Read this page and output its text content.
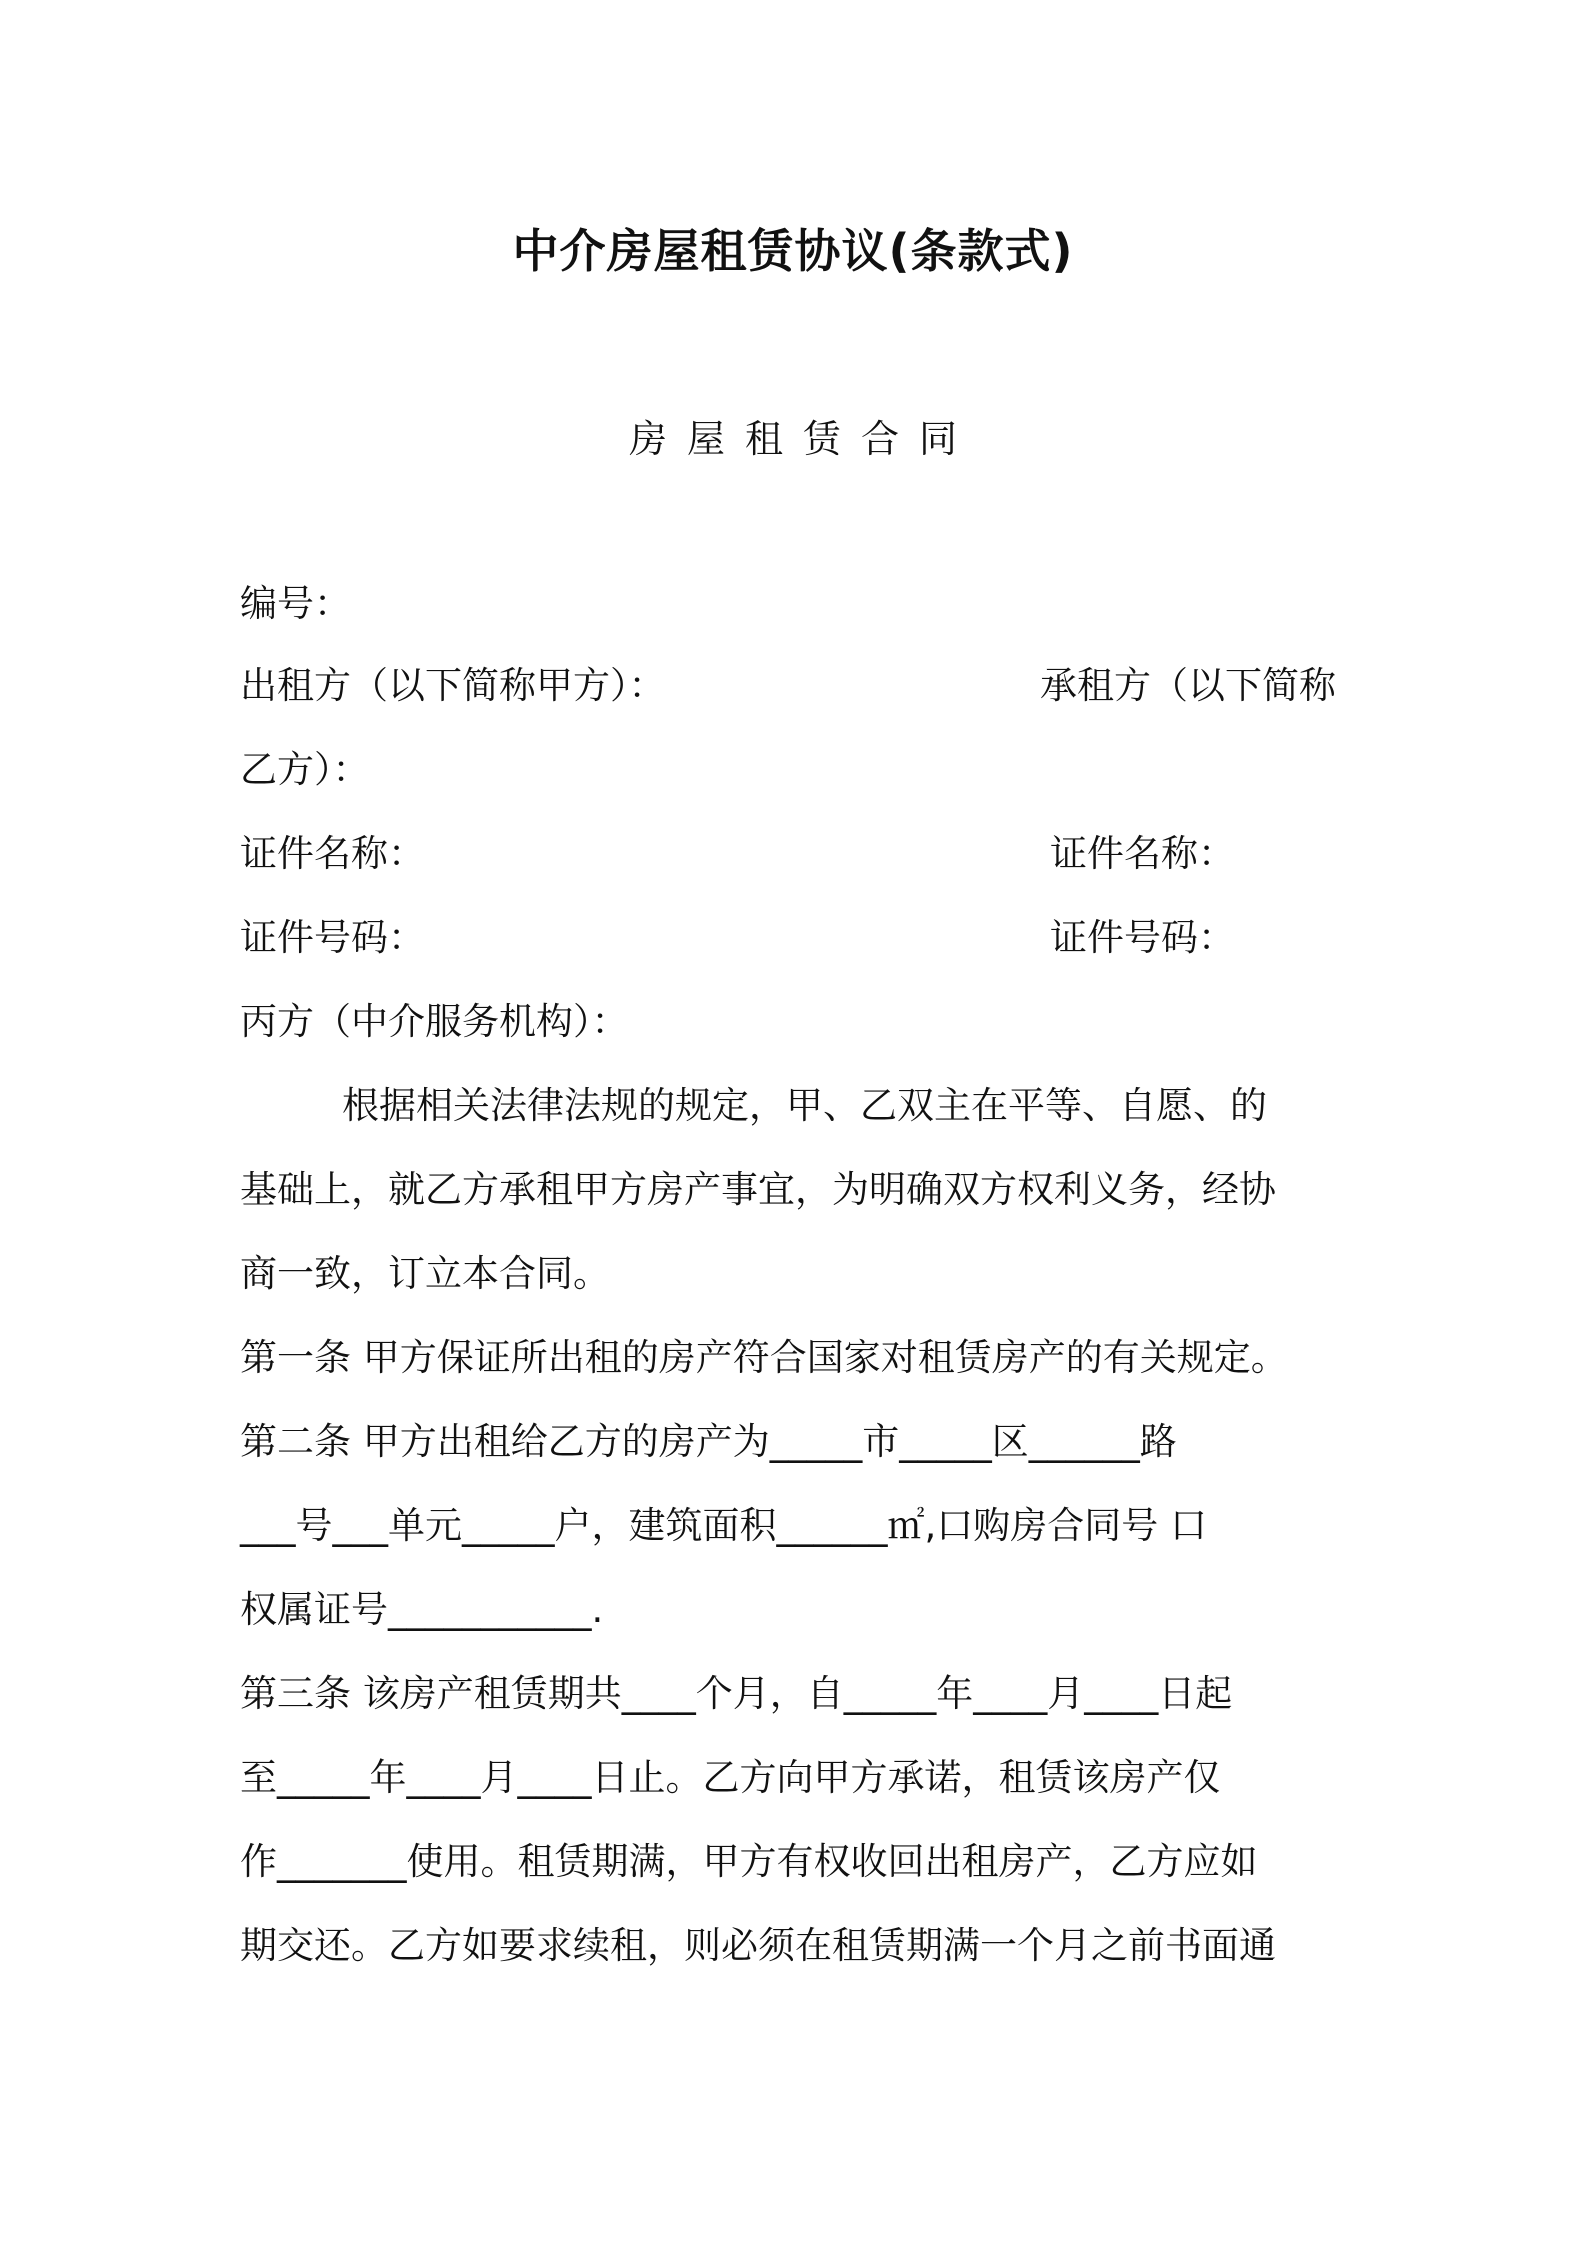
中介房屋租赁协议(条款式)
房屋租赁合同
编号：
出租方（以下简称甲方）：	承租方（以下简称
乙方）：
证件名称：	证件名称：
证件号码：	证件号码：
丙方（中介服务机构）：
根据相关法律法规的规定，甲、乙双主在平等、自愿、的
基础上，就乙方承租甲方房产事宜，为明确双方权利义务，经协
商一致，订立本合同。
第一条 甲方保证所出租的房产符合国家对租赁房产的有关规定。
第二条 甲方出租给乙方的房产为_____市_____区______路
___号___单元_____户，建筑面积______㎡,口购房合同号 口
权属证号___________.
第三条 该房产租赁期共____个月，自_____年____月____日起
至_____年____月____日止。乙方向甲方承诺，租赁该房产仅
作_______使用。租赁期满，甲方有权收回出租房产，乙方应如
期交还。乙方如要求续租，则必须在租赁期满一个月之前书面通
